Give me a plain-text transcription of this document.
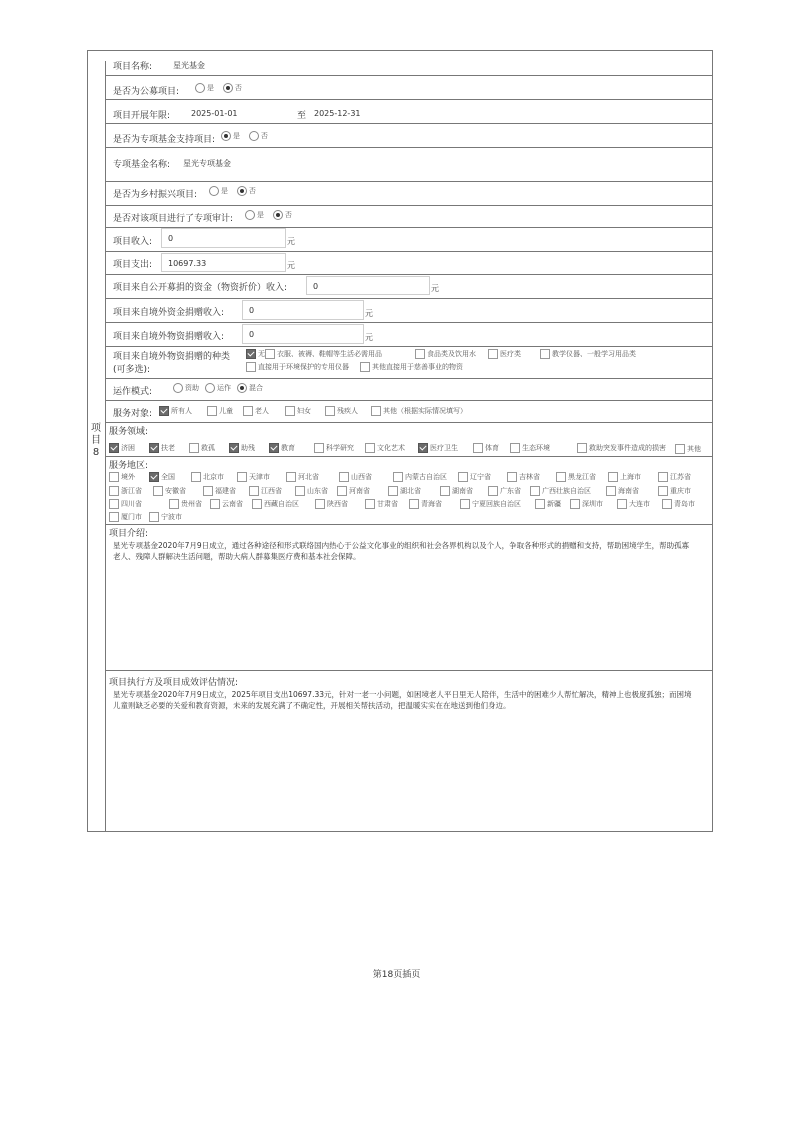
项目8
项目名称:	星光基金
是否为公募项目:	是	否
项目开展年限:	2025-01-01	至 2025-12-31
是否为专项基金支持项目:	是	否
专项基金名称: 星光专项基金
是否为乡村振兴项目:	是	否
是否对该项目进行了专项审计:	是	否
项目收入:	0	元
项目支出:	10697.33	元
项目来自公开募捐的资金（物资折价）收入:	0	元
项目来自境外资金捐赠收入:	0	元
项目来自境外物资捐赠收入:	0	元
项目来自境外物资捐赠的种类
(可多选):
无	衣服、被褥、鞋帽等生活必需用品	食品类及饮用水	医疗类	教学仪器、一般学习用品类
直接用于环境保护的专用仪器	其他直接用于慈善事业的物资
运作模式:	资助	运作	混合
服务对象:	所有人	儿童	老人	妇女	残疾人	其他（根据实际情况填写）
服务领域:
济困	扶老	救孤	助残	教育	科学研究	文化艺术	医疗卫生	体育	生态环境	救助突发事件造成的损害	其他
服务地区:
境外	全国	北京市	天津市	河北省	山西省	内蒙古自治区	辽宁省	吉林省	黑龙江省	上海市	江苏省
浙江省	安徽省	福建省	江西省	山东省	河南省	湖北省	湖南省	广东省	广西壮族自治区	海南省	重庆市
四川省	贵州省	云南省	西藏自治区	陕西省	甘肃省	青海省	宁夏回族自治区	新疆	深圳市	大连市	青岛市
厦门市	宁波市
项目介绍:
星光专项基金2020年7月9日成立，通过各种途径和形式联络国内热心于公益文化事业的组织和社会各界机构以及个人，争取各种形式的捐赠和支持，帮助困境学生，帮助孤寡老人、残障人群解决生活问题，帮助大病人群募集医疗费和基本社会保障。
项目执行方及项目成效评估情况:
星光专项基金2020年7月9日成立，2025年项目支出10697.33元，针对一老一小问题，如困境老人平日里无人陪伴，生活中的困难少人帮忙解决，精神上也极度孤独；而困境儿童则缺乏必要的关爱和教育资源，未来的发展充满了不确定性，开展相关帮扶活动，把温暖实实在在地送到他们身边。
第18页插页
